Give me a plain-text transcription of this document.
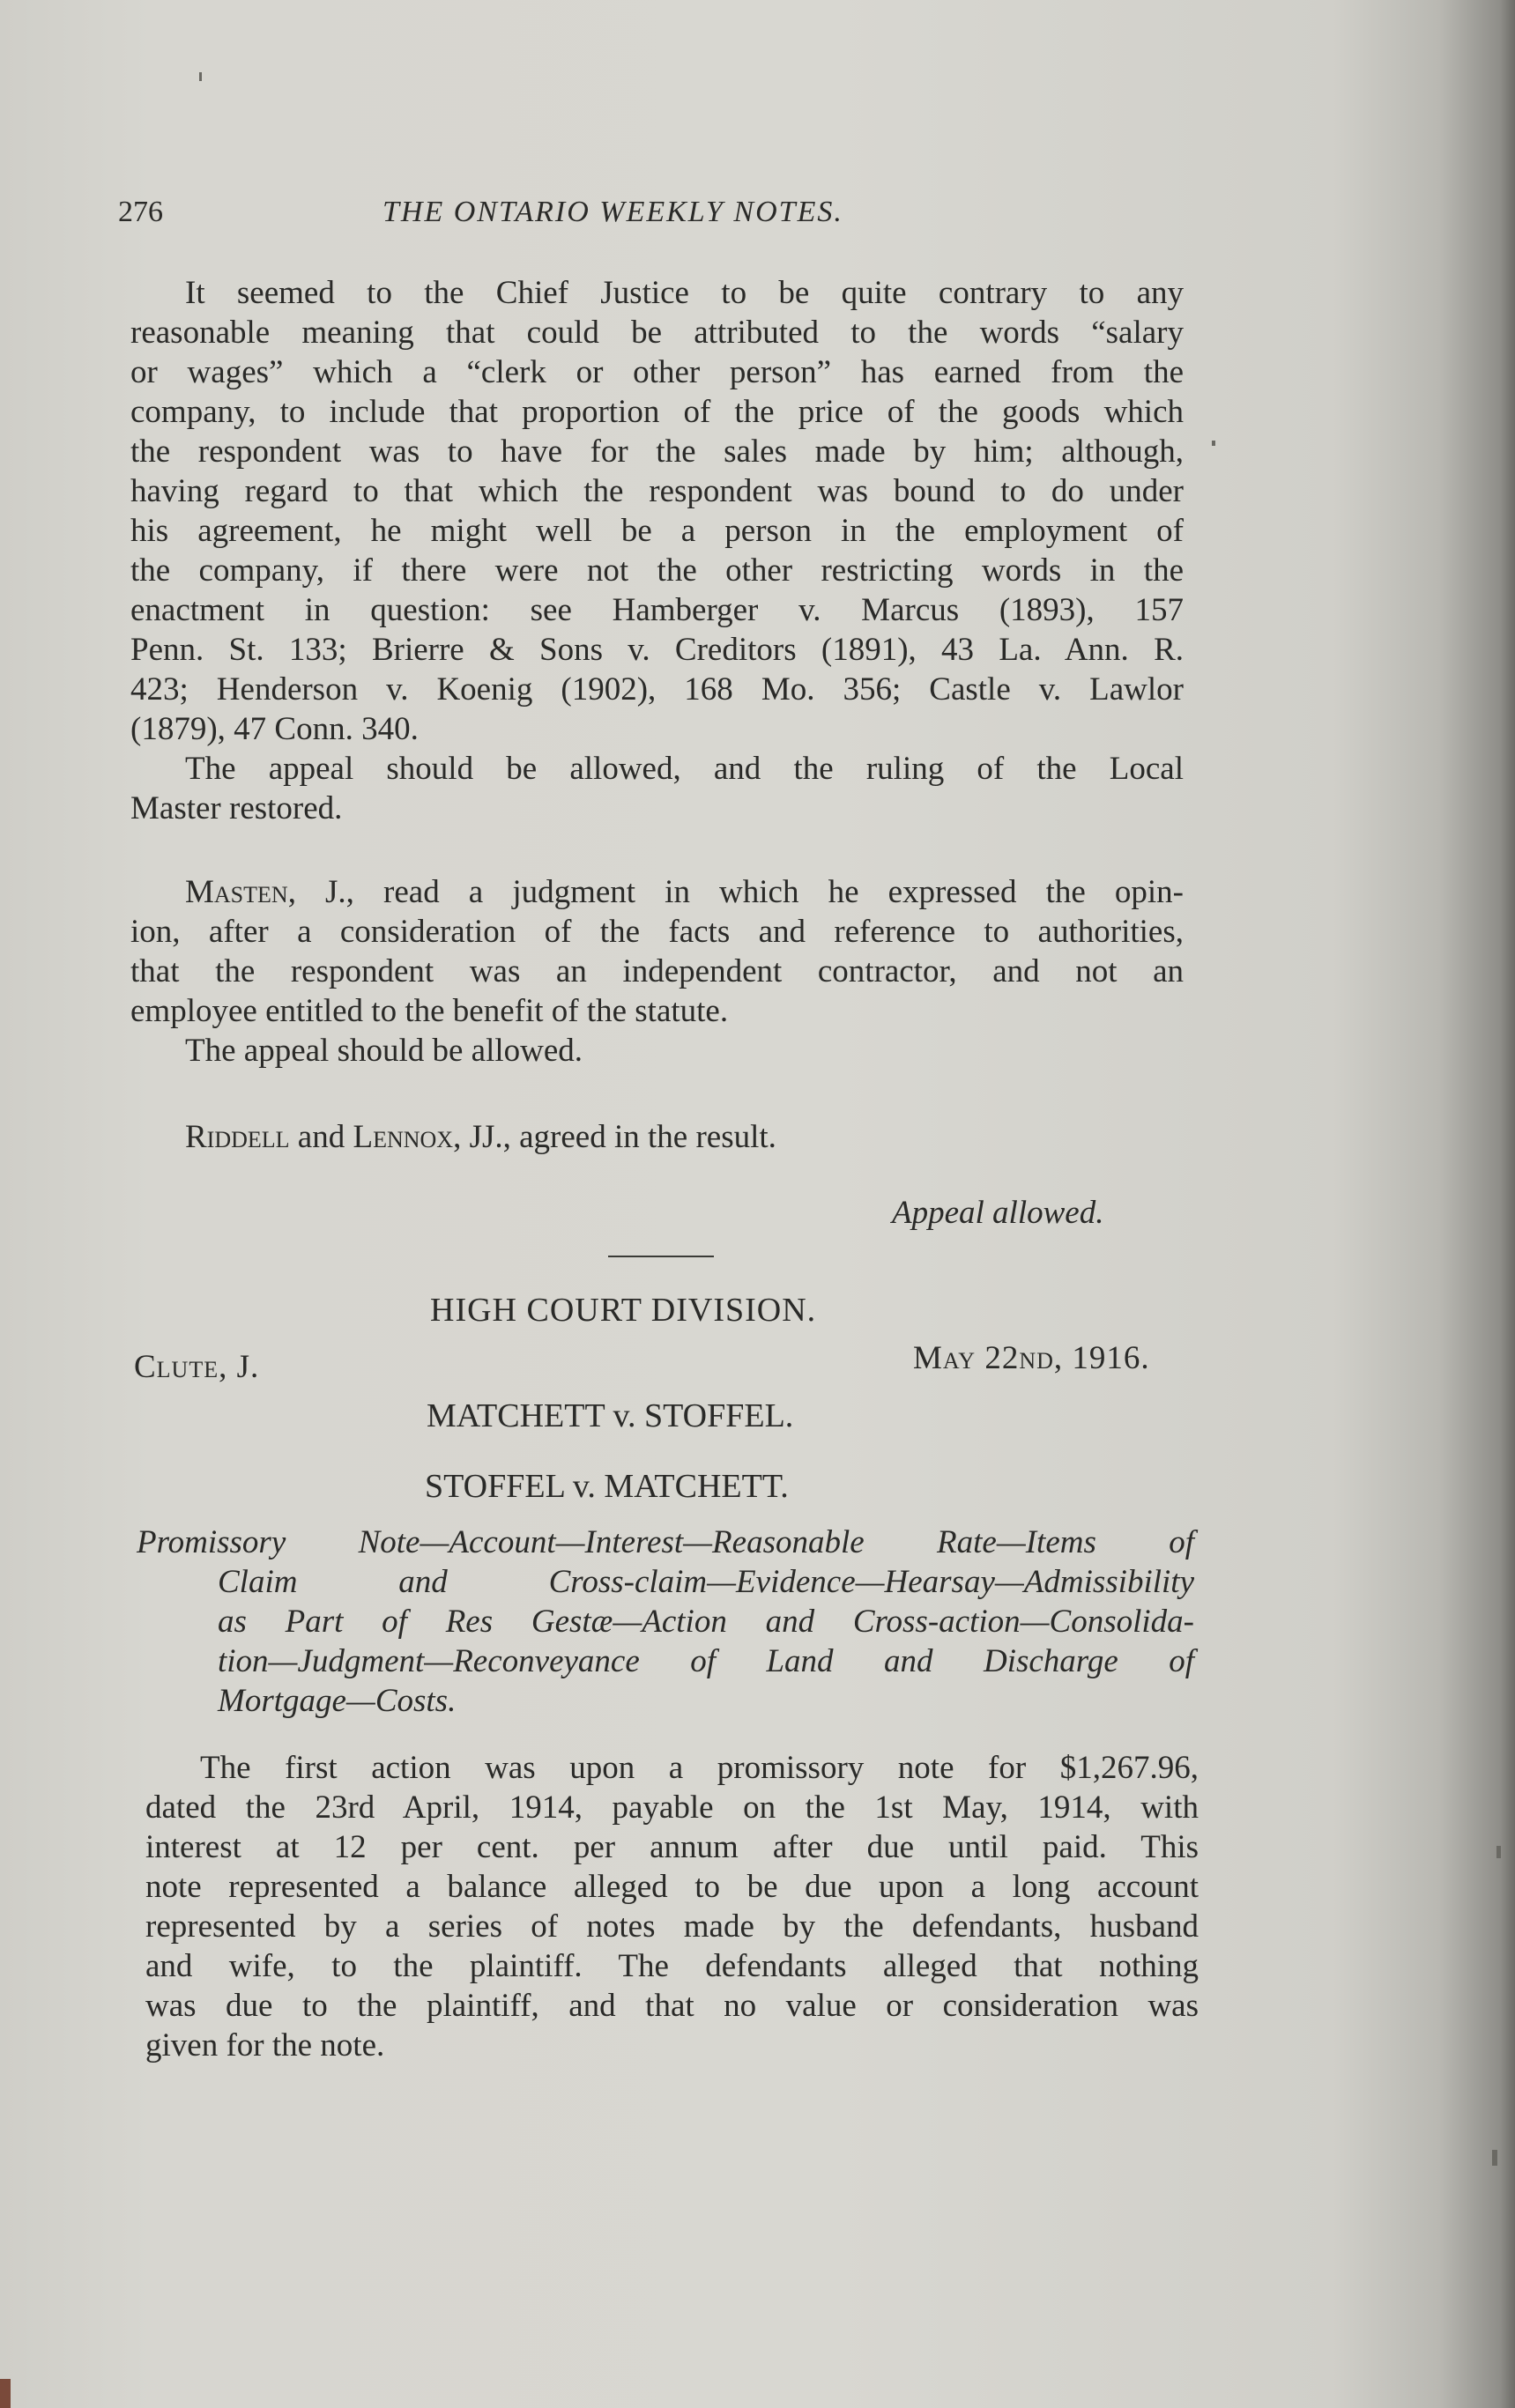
276	THE ONTARIO WEEKLY NOTES.
It seemed to the Chief Justice to be quite contrary to any
reasonable meaning that could be attributed to the words “salary
or wages” which a “clerk or other person” has earned from the
company, to include that proportion of the price of the goods which
the respondent was to have for the sales made by him; although,
having regard to that which the respondent was bound to do under
his agreement, he might well be a person in the employment of
the company, if there were not the other restricting words in the
enactment in question: see Hamberger v. Marcus (1893), 157
Penn. St. 133; Brierre & Sons v. Creditors (1891), 43 La. Ann. R.
423; Henderson v. Koenig (1902), 168 Mo. 356; Castle v. Lawlor
(1879), 47 Conn. 340.
The appeal should be allowed, and the ruling of the Local
Master restored.
Masten, J., read a judgment in which he expressed the opin-
ion, after a consideration of the facts and reference to authorities,
that the respondent was an independent contractor, and not an
employee entitled to the benefit of the statute.
The appeal should be allowed.
Riddell and Lennox, JJ., agreed in the result.
Appeal allowed.
HIGH COURT DIVISION.
Clute, J.	May 22nd, 1916.
MATCHETT v. STOFFEL.
STOFFEL v. MATCHETT.
Promissory Note—Account—Interest—Reasonable Rate—Items of
Claim and Cross-claim—Evidence—Hearsay—Admissibility
as Part of Res Gestæ—Action and Cross-action—Consolida-
tion—Judgment—Reconveyance of Land and Discharge of
Mortgage—Costs.
The first action was upon a promissory note for $1,267.96,
dated the 23rd April, 1914, payable on the 1st May, 1914, with
interest at 12 per cent. per annum after due until paid. This
note represented a balance alleged to be due upon a long account
represented by a series of notes made by the defendants, husband
and wife, to the plaintiff. The defendants alleged that nothing
was due to the plaintiff, and that no value or consideration was
given for the note.
